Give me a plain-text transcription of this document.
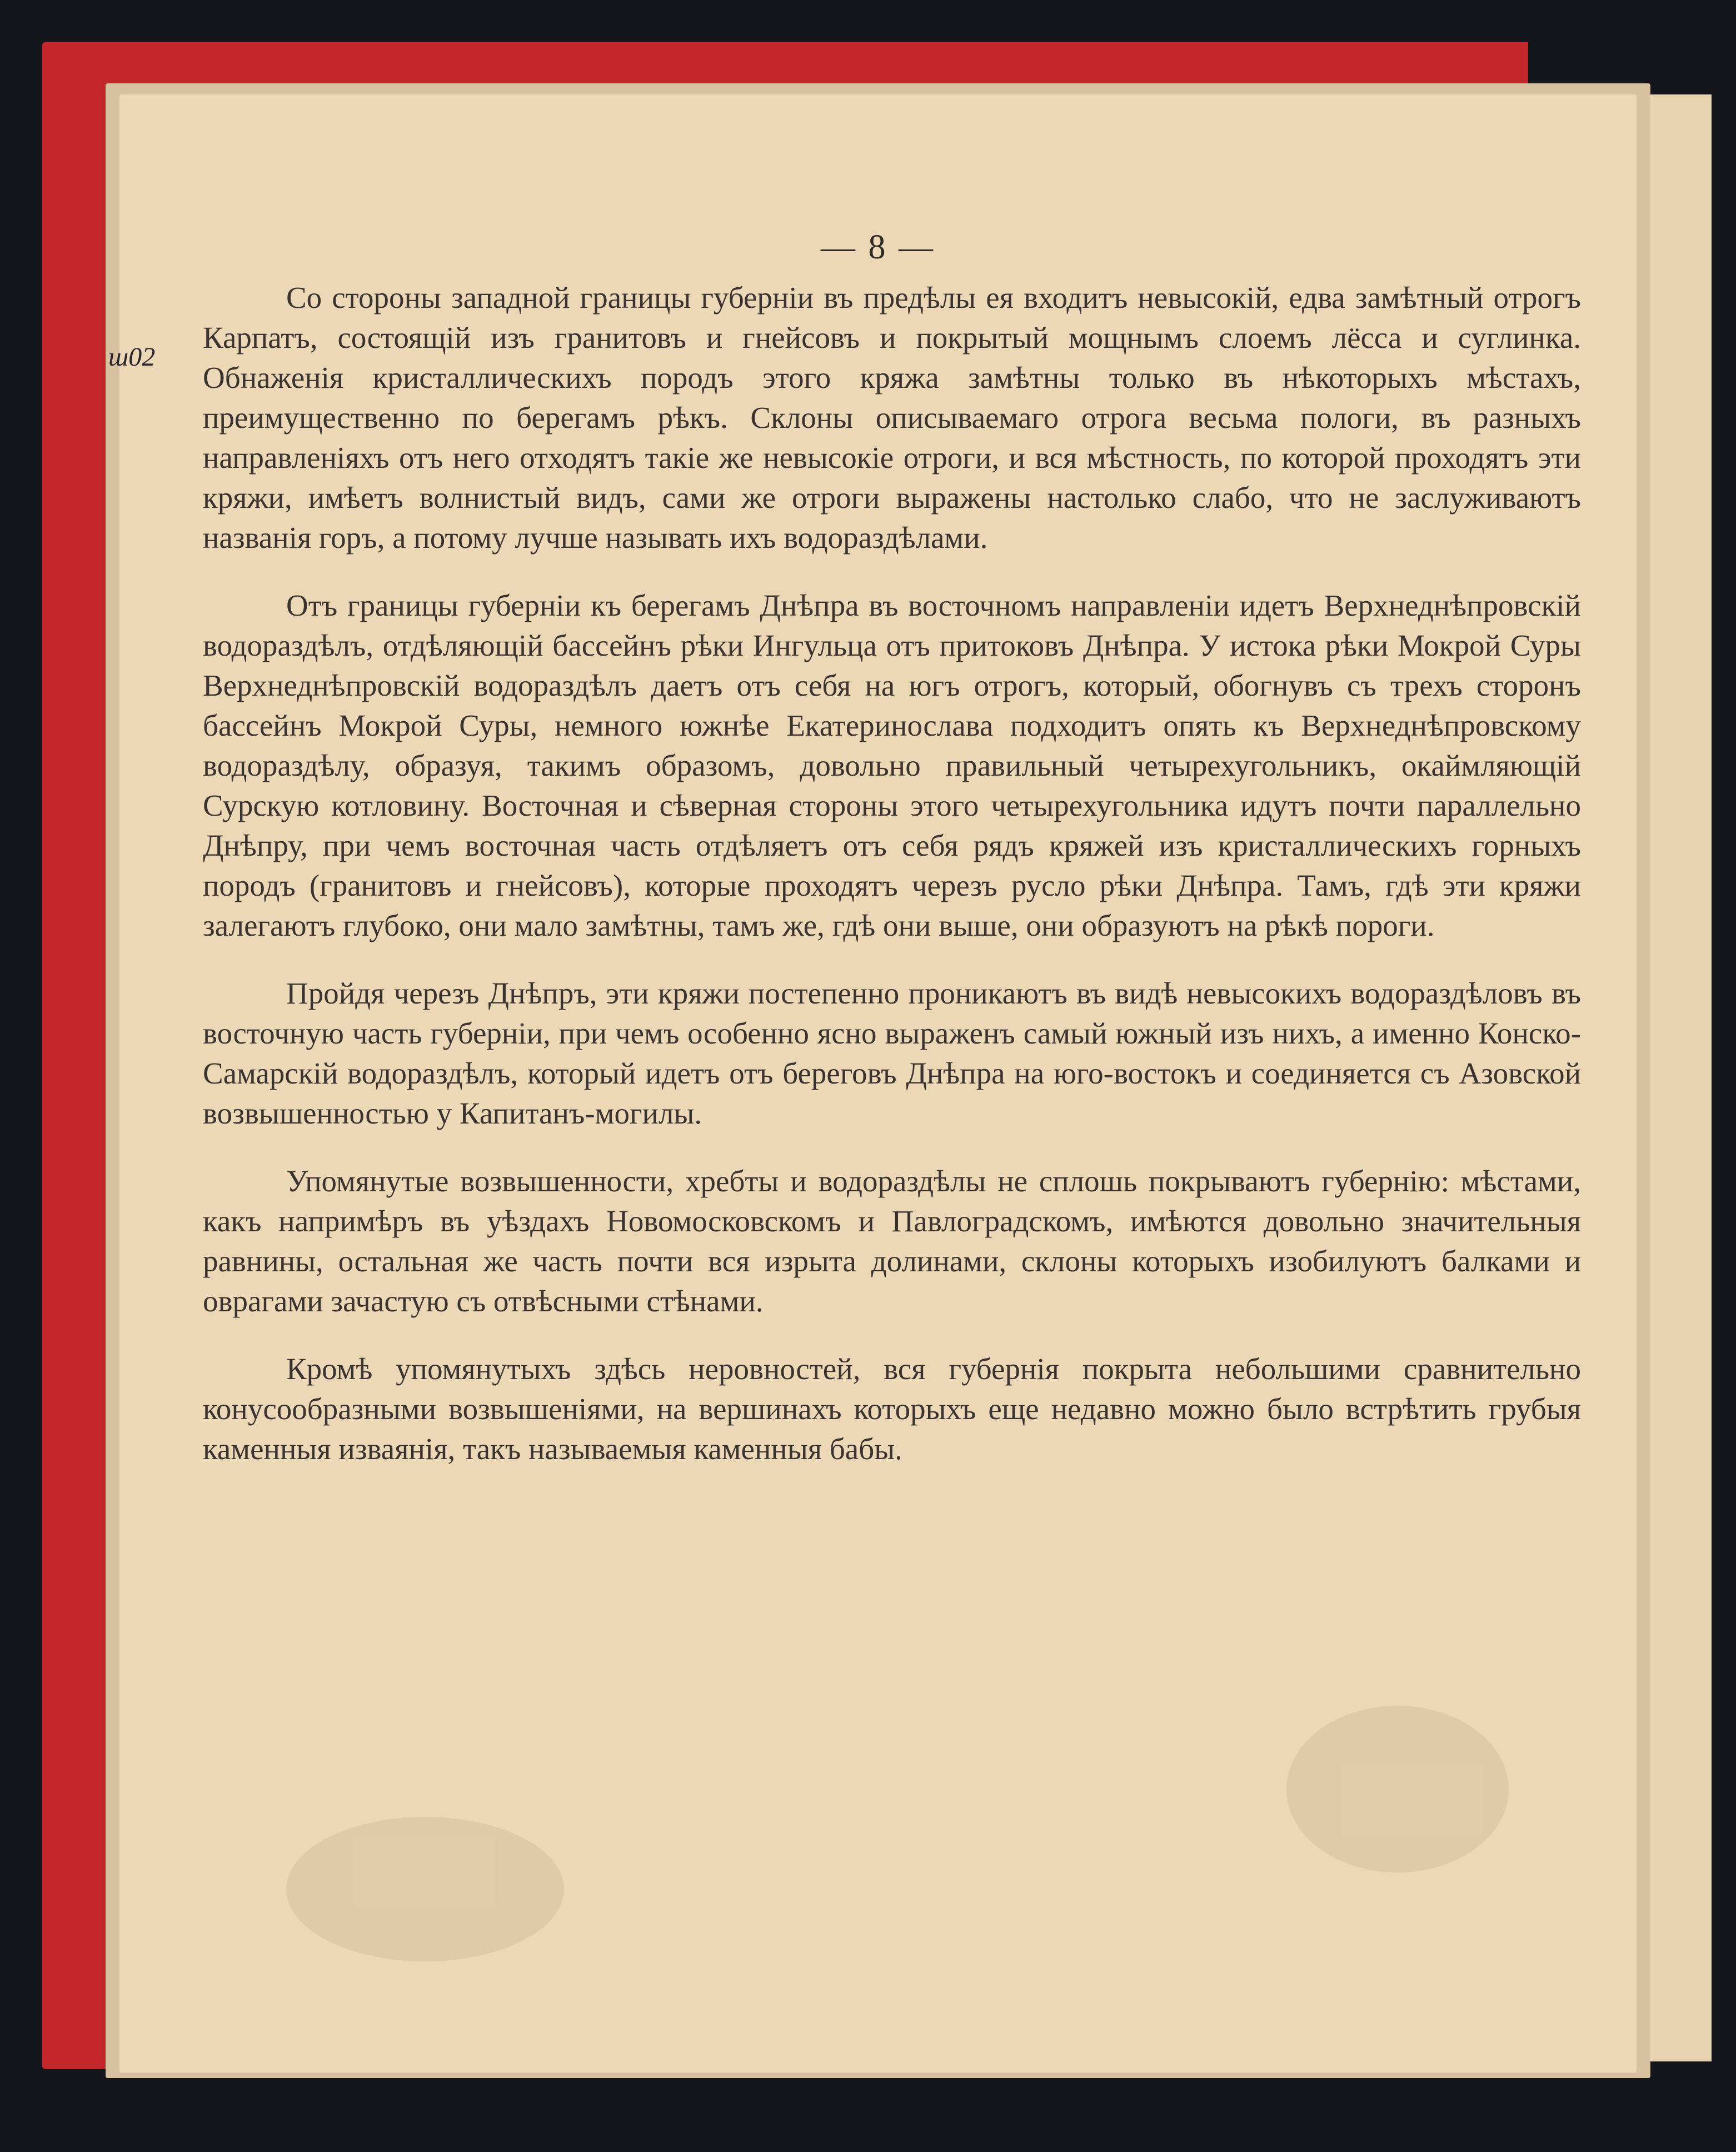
— 8 —

Со стороны западной границы губерніи въ предѣлы ея входитъ невысокій, едва замѣтный отрогъ Карпатъ, состоящій изъ гранитовъ и гнейсовъ и покрытый мощнымъ слоемъ лёсса и суглинка. Обнаженія кристаллическихъ породъ этого кряжа замѣтны только въ нѣкоторыхъ мѣстахъ, преимущественно по берегамъ рѣкъ. Склоны описываемаго отрога весьма пологи, въ разныхъ направленіяхъ отъ него отходятъ такіе же невысокіе отроги, и вся мѣстность, по которой проходятъ эти кряжи, имѣетъ волнистый видъ, сами же отроги выражены настолько слабо, что не заслуживаютъ названія горъ, а потому лучше называть ихъ водораздѣлами.

Отъ границы губерніи къ берегамъ Днѣпра въ восточномъ направленіи идетъ Верхнеднѣпровскій водораздѣлъ, отдѣляющій бассейнъ рѣки Ингульца отъ притоковъ Днѣпра. У истока рѣки Мокрой Суры Верхнеднѣпровскій водораздѣлъ даетъ отъ себя на югъ отрогъ, который, обогнувъ съ трехъ сторонъ бассейнъ Мокрой Суры, немного южнѣе Екатеринослава подходитъ опять къ Верхнеднѣпровскому водораздѣлу, образуя, такимъ образомъ, довольно правильный четырехугольникъ, окаймляющій Сурскую котловину. Восточная и сѣверная стороны этого четырехугольника идутъ почти параллельно Днѣпру, при чемъ восточная часть отдѣляетъ отъ себя рядъ кряжей изъ кристаллическихъ горныхъ породъ (гранитовъ и гнейсовъ), которые проходятъ черезъ русло рѣки Днѣпра. Тамъ, гдѣ эти кряжи залегаютъ глубоко, они мало замѣтны, тамъ же, гдѣ они выше, они образуютъ на рѣкѣ пороги.

Пройдя черезъ Днѣпръ, эти кряжи постепенно проникаютъ въ видѣ невысокихъ водораздѣловъ въ восточную часть губерніи, при чемъ особенно ясно выраженъ самый южный изъ нихъ, а именно Конско-Самарскій водораздѣлъ, который идетъ отъ береговъ Днѣпра на юго-востокъ и соединяется съ Азовской возвышенностью у Капитанъ-могилы.

Упомянутые возвышенности, хребты и водораздѣлы не сплошь покрываютъ губернію: мѣстами, какъ напримѣръ въ уѣздахъ Новомосковскомъ и Павлоградскомъ, имѣются довольно значительныя равнины, остальная же часть почти вся изрыта долинами, склоны которыхъ изобилуютъ балками и оврагами зачастую съ отвѣсными стѣнами.

Кромѣ упомянутыхъ здѣсь неровностей, вся губернія покрыта небольшими сравнительно конусообразными возвышеніями, на вершинахъ которыхъ еще недавно можно было встрѣтить грубыя каменныя изваянія, такъ называемыя каменныя бабы.

ш02
